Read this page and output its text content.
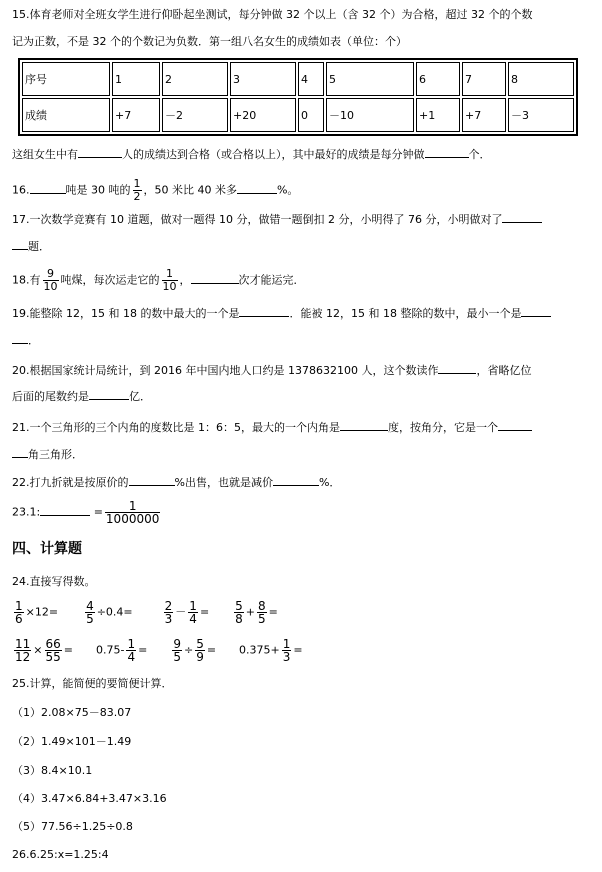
15.体育老师对全班女学生进行仰卧起坐测试，每分钟做 32 个以上（含 32 个）为合格，超过 32 个的个数
记为正数，不是 32 个的个数记为负数．第一组八名女生的成绩如表（单位：个）
序号	1	2	3	4	5	6	7	8
成绩	+7	－2	+20	0	－10	+1	+7	－3
这组女生中有	人的成绩达到合格（或合格以上），其中最好的成绩是每分钟做	个．
16.	吨是 30 吨的 $\frac{1}{2}$ ，50 米比 40 米多	%。
17.一次数学竞赛有 10 道题，做对一题得 10 分，做错一题倒扣 2 分，小明得了 76 分，小明做对了
题．
18.有 $\frac{9}{10}$ 吨煤，每次运走它的 $\frac{1}{10}$ ，	次才能运完．
19.能整除 12，15 和 18 的数中最大的一个是	．能被 12，15 和 18 整除的数中，最小一个是
．
20.根据国家统计局统计，到 2016 年中国内地人口约是 1378632100 人，这个数读作	，省略亿位
后面的尾数约是	亿．
21.一个三角形的三个内角的度数比是 1：6：5，最大的一个内角是	度，按角分，它是一个
角三角形．
22.打九折就是按原价的	%出售，也就是减价	%．
23.1:	= $\frac{1}{1000000}$
四、计算题
24.直接写得数。
$\frac{1}{6} \times 12= \frac{4}{5} \div 0.4=$	$\frac{2}{3} - \frac{1}{4} = \frac{5}{8} + \frac{8}{5}$ =
$\frac{11}{12} \times \frac{66}{55} = 0.75- \frac{1}{4} = \frac{9}{5} \div \frac{5}{9} = 0.375+ \frac{1}{3}$ =
25.计算，能简便的要简便计算．
（1）2.08×75－83.07
（2）1.49×101－1.49
（3）8.4×10.1
（4）3.47×6.84+3.47×3.16
（5）77.56÷1.25÷0.8
26.6.25:x=1.25:4
